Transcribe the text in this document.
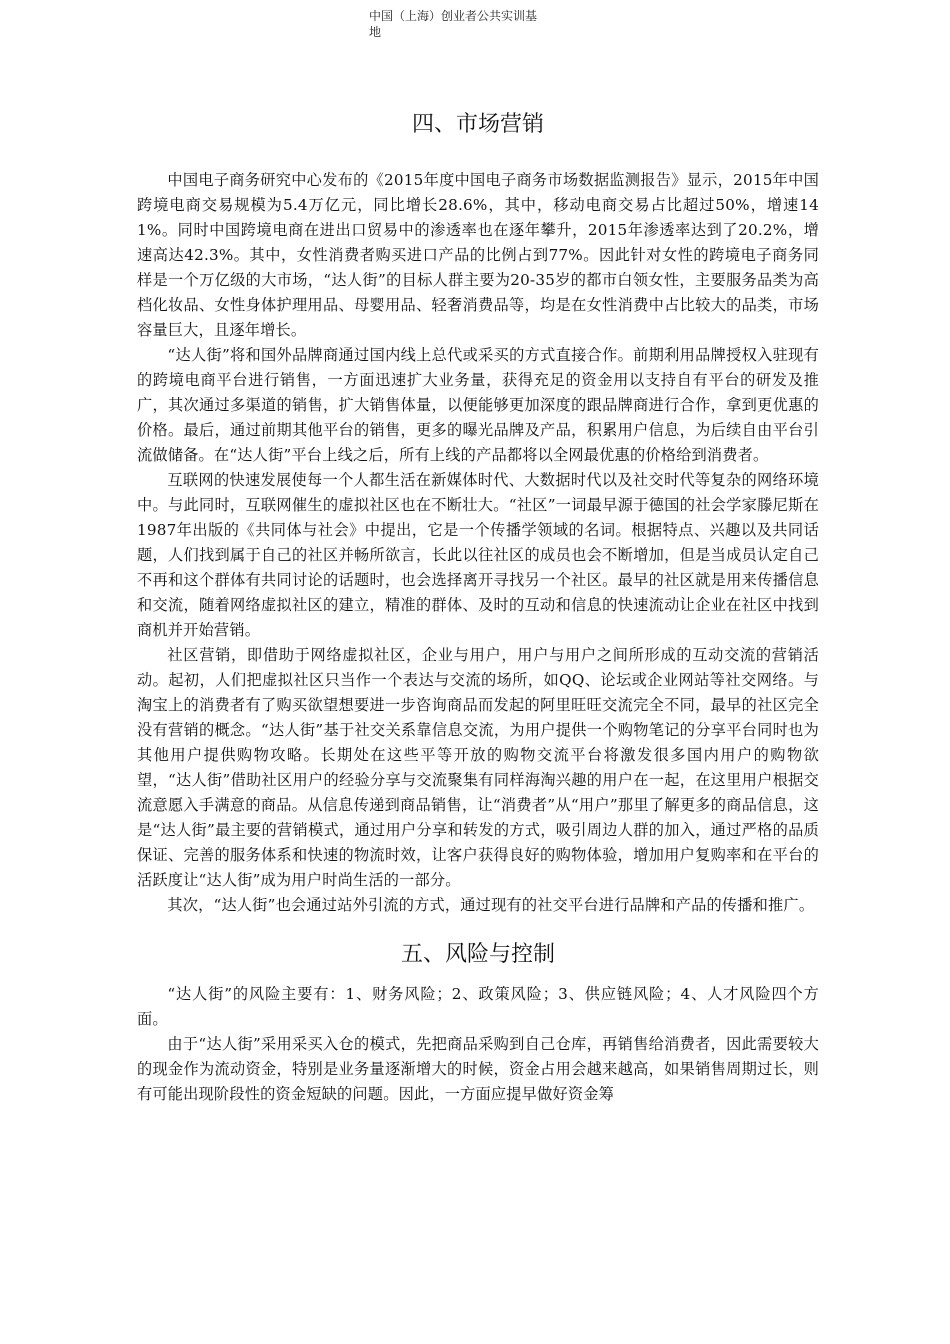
中国（上海）创业者公共实训基
地
四、市场营销

中国电子商务研究中心发布的《2015年度中国电子商务市场数据监测报告》显示，2015年中国跨境电商交易规模为5.4万亿元，同比增长28.6%，其中，移动电商交易占比超过50%，增速141%。同时中国跨境电商在进出口贸易中的渗透率也在逐年攀升，2015年渗透率达到了20.2%，增速高达42.3%。其中，女性消费者购买进口产品的比例占到77%。因此针对女性的跨境电子商务同样是一个万亿级的大市场，“达人街”的目标人群主要为20-35岁的都市白领女性，主要服务品类为高档化妆品、女性身体护理用品、母婴用品、轻奢消费品等，均是在女性消费中占比较大的品类，市场容量巨大，且逐年增长。

“达人街”将和国外品牌商通过国内线上总代或采买的方式直接合作。前期利用品牌授权入驻现有的跨境电商平台进行销售，一方面迅速扩大业务量，获得充足的资金用以支持自有平台的研发及推广，其次通过多渠道的销售，扩大销售体量，以便能够更加深度的跟品牌商进行合作，拿到更优惠的价格。最后，通过前期其他平台的销售，更多的曝光品牌及产品，积累用户信息，为后续自由平台引流做储备。在“达人街”平台上线之后，所有上线的产品都将以全网最优惠的价格给到消费者。

互联网的快速发展使每一个人都生活在新媒体时代、大数据时代以及社交时代等复杂的网络环境中。与此同时，互联网催生的虚拟社区也在不断壮大。“社区”一词最早源于德国的社会学家滕尼斯在1987年出版的《共同体与社会》中提出，它是一个传播学领域的名词。根据特点、兴趣以及共同话题，人们找到属于自己的社区并畅所欲言，长此以往社区的成员也会不断增加，但是当成员认定自己不再和这个群体有共同讨论的话题时，也会选择离开寻找另一个社区。最早的社区就是用来传播信息和交流，随着网络虚拟社区的建立，精准的群体、及时的互动和信息的快速流动让企业在社区中找到商机并开始营销。

社区营销，即借助于网络虚拟社区，企业与用户，用户与用户之间所形成的互动交流的营销活动。起初，人们把虚拟社区只当作一个表达与交流的场所，如QQ、论坛或企业网站等社交网络。与淘宝上的消费者有了购买欲望想要进一步咨询商品而发起的阿里旺旺交流完全不同，最早的社区完全没有营销的概念。“达人街”基于社交关系靠信息交流，为用户提供一个购物笔记的分享平台同时也为其他用户提供购物攻略。长期处在这些平等开放的购物交流平台将激发很多国内用户的购物欲望，“达人街”借助社区用户的经验分享与交流聚集有同样海淘兴趣的用户在一起，在这里用户根据交流意愿入手满意的商品。从信息传递到商品销售，让“消费者”从“用户”那里了解更多的商品信息，这是“达人街”最主要的营销模式，通过用户分享和转发的方式，吸引周边人群的加入，通过严格的品质保证、完善的服务体系和快速的物流时效，让客户获得良好的购物体验，增加用户复购率和在平台的活跃度让“达人街”成为用户时尚生活的一部分。

其次，“达人街”也会通过站外引流的方式，通过现有的社交平台进行品牌和产品的传播和推广。

五、风险与控制

“达人街”的风险主要有：1、财务风险；2、政策风险；3、供应链风险；4、人才风险四个方面。

由于“达人街”采用采买入仓的模式，先把商品采购到自己仓库，再销售给消费者，因此需要较大的现金作为流动资金，特别是业务量逐渐增大的时候，资金占用会越来越高，如果销售周期过长，则有可能出现阶段性的资金短缺的问题。因此，一方面应提早做好资金筹
